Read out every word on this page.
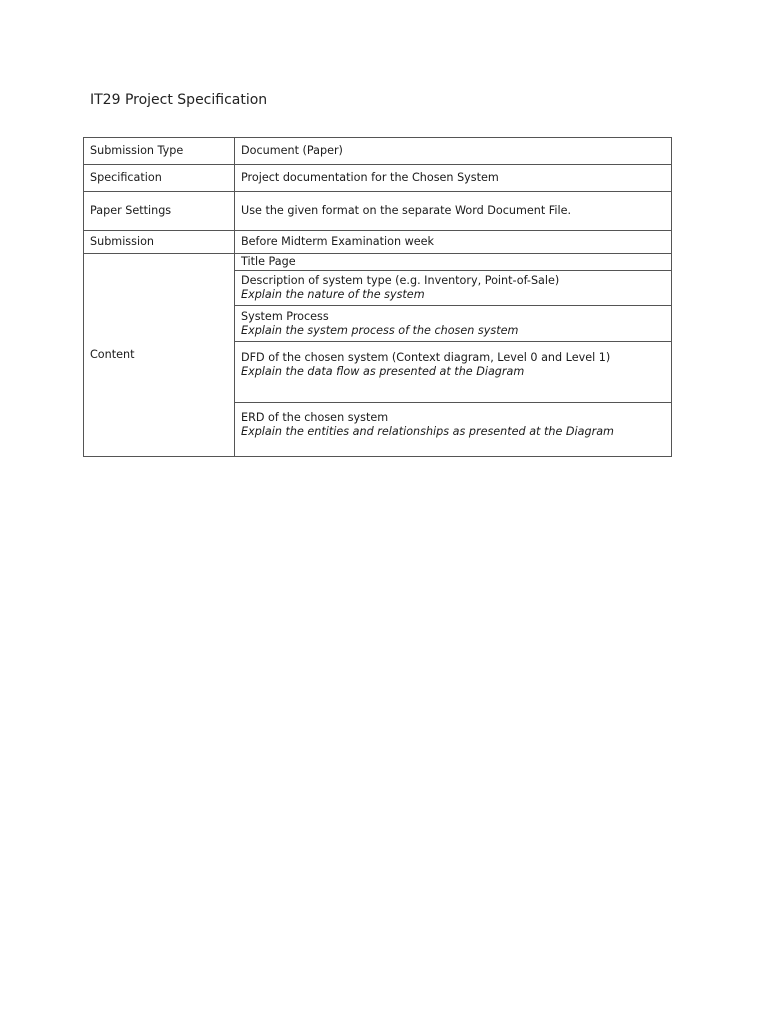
IT29 Project Specification
Submission Type	Document (Paper)
Specification	Project documentation for the Chosen System
Paper Settings	Use the given format on the separate Word Document File.
Submission	Before Midterm Examination week
Content	Title Page

	Description of system type (e.g. Inventory, Point-of-Sale)
Explain the nature of the system

	System Process
Explain the system process of the chosen system

	DFD of the chosen system (Context diagram, Level 0 and Level 1)
Explain the data flow as presented at the Diagram

	ERD of the chosen system
Explain the entities and relationships as presented at the Diagram
